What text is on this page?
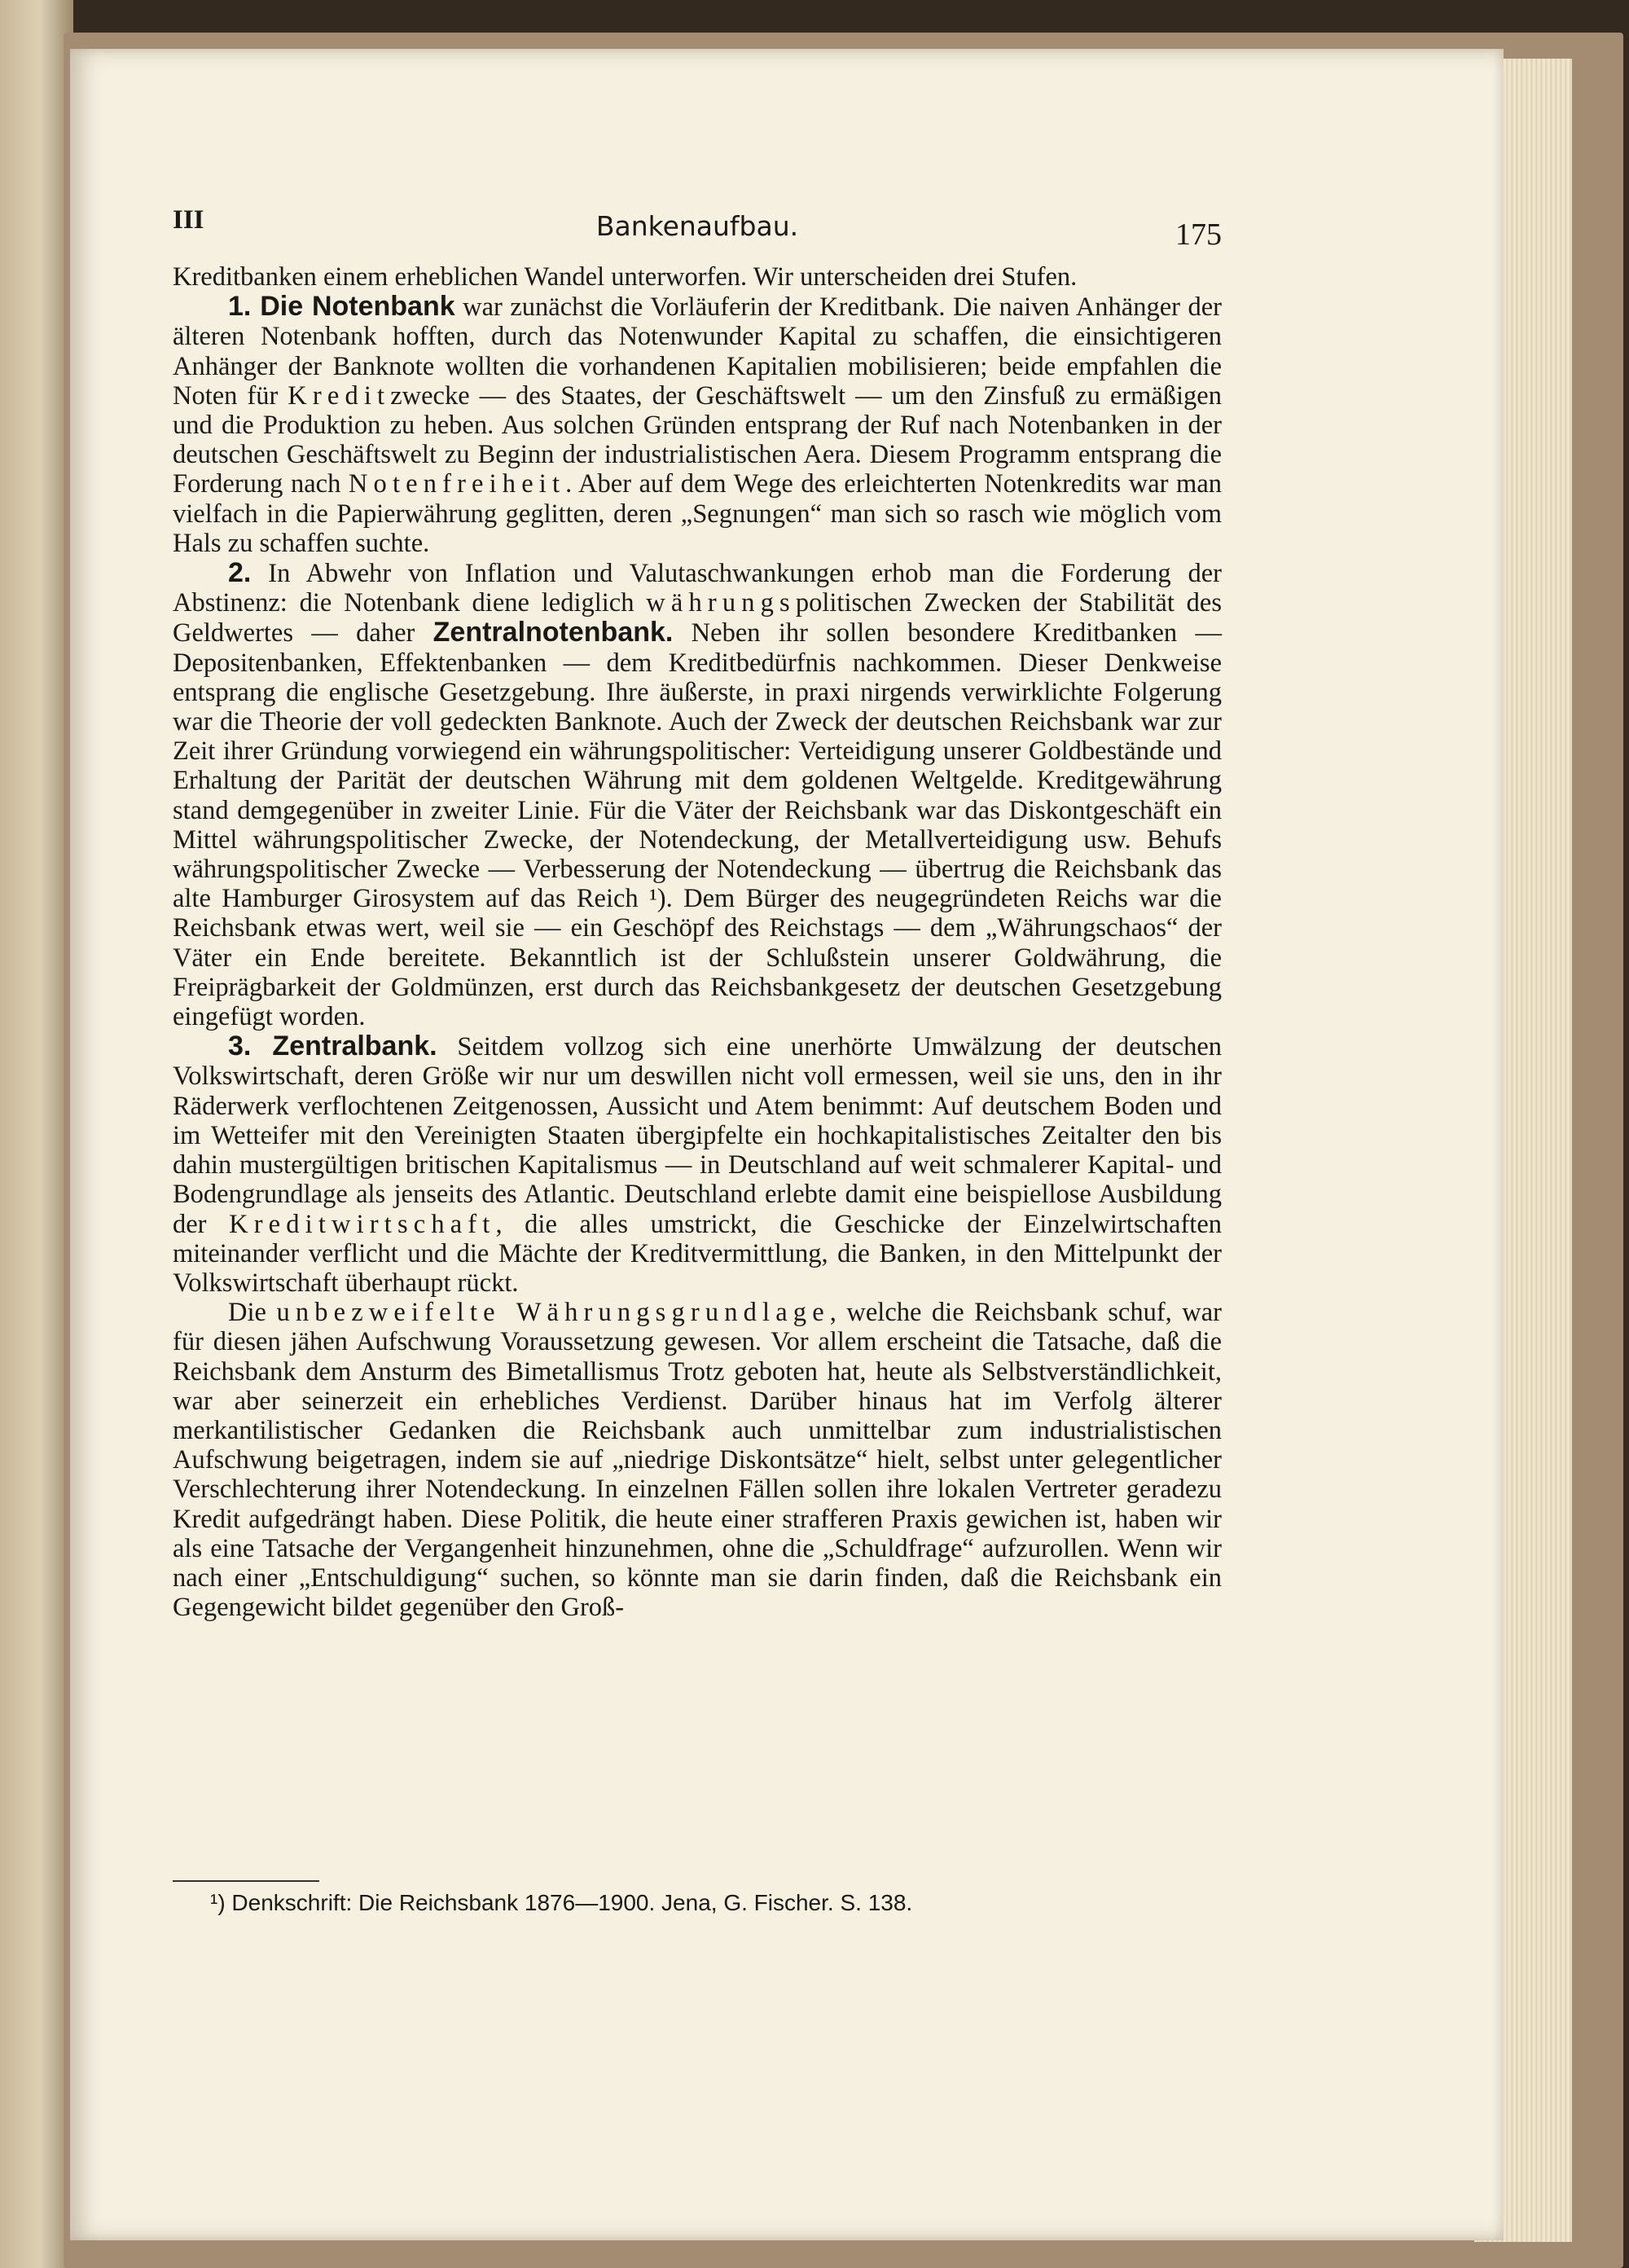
III	Bankenaufbau.	175

Kreditbanken einem erheblichen Wandel unterworfen. Wir unterscheiden drei Stufen.

1. Die Notenbank war zunächst die Vorläuferin der Kreditbank. Die naiven Anhänger der älteren Notenbank hofften, durch das Notenwunder Kapital zu schaffen, die einsichtigeren Anhänger der Banknote wollten die vorhandenen Kapitalien mobilisieren; beide empfahlen die Noten für Kreditzwecke — des Staates, der Geschäftswelt — um den Zinsfuß zu ermäßigen und die Produktion zu heben. Aus solchen Gründen entsprang der Ruf nach Notenbanken in der deutschen Geschäftswelt zu Beginn der industrialistischen Aera. Diesem Programm entsprang die Forderung nach Notenfreiheit. Aber auf dem Wege des erleichterten Notenkredits war man vielfach in die Papierwährung geglitten, deren „Segnungen“ man sich so rasch wie möglich vom Hals zu schaffen suchte.

2. In Abwehr von Inflation und Valutaschwankungen erhob man die Forderung der Abstinenz: die Notenbank diene lediglich währungspolitischen Zwecken der Stabilität des Geldwertes — daher Zentralnotenbank. Neben ihr sollen besondere Kreditbanken — Depositenbanken, Effektenbanken — dem Kreditbedürfnis nachkommen. Dieser Denkweise entsprang die englische Gesetzgebung. Ihre äußerste, in praxi nirgends verwirklichte Folgerung war die Theorie der voll gedeckten Banknote. Auch der Zweck der deutschen Reichsbank war zur Zeit ihrer Gründung vorwiegend ein währungspolitischer: Verteidigung unserer Goldbestände und Erhaltung der Parität der deutschen Währung mit dem goldenen Weltgelde. Kreditgewährung stand demgegenüber in zweiter Linie. Für die Väter der Reichsbank war das Diskontgeschäft ein Mittel währungspolitischer Zwecke, der Notendeckung, der Metallverteidigung usw. Behufs währungspolitischer Zwecke — Verbesserung der Notendeckung — übertrug die Reichsbank das alte Hamburger Girosystem auf das Reich ¹). Dem Bürger des neugegründeten Reichs war die Reichsbank etwas wert, weil sie — ein Geschöpf des Reichstags — dem „Währungschaos“ der Väter ein Ende bereitete. Bekanntlich ist der Schlußstein unserer Goldwährung, die Freiprägbarkeit der Goldmünzen, erst durch das Reichsbankgesetz der deutschen Gesetzgebung eingefügt worden.

3. Zentralbank. Seitdem vollzog sich eine unerhörte Umwälzung der deutschen Volkswirtschaft, deren Größe wir nur um deswillen nicht voll ermessen, weil sie uns, den in ihr Räderwerk verflochtenen Zeitgenossen, Aussicht und Atem benimmt: Auf deutschem Boden und im Wetteifer mit den Vereinigten Staaten übergipfelte ein hochkapitalistisches Zeitalter den bis dahin mustergültigen britischen Kapitalismus — in Deutschland auf weit schmalerer Kapital- und Bodengrundlage als jenseits des Atlantic. Deutschland erlebte damit eine beispiellose Ausbildung der Kreditwirtschaft, die alles umstrickt, die Geschicke der Einzelwirtschaften miteinander verflicht und die Mächte der Kreditvermittlung, die Banken, in den Mittelpunkt der Volkswirtschaft überhaupt rückt.

Die unbezweifelte Währungsgrundlage, welche die Reichsbank schuf, war für diesen jähen Aufschwung Voraussetzung gewesen. Vor allem erscheint die Tatsache, daß die Reichsbank dem Ansturm des Bimetallismus Trotz geboten hat, heute als Selbstverständlichkeit, war aber seinerzeit ein erhebliches Verdienst. Darüber hinaus hat im Verfolg älterer merkantilistischer Gedanken die Reichsbank auch unmittelbar zum industrialistischen Aufschwung beigetragen, indem sie auf „niedrige Diskontsätze“ hielt, selbst unter gelegentlicher Verschlechterung ihrer Notendeckung. In einzelnen Fällen sollen ihre lokalen Vertreter geradezu Kredit aufgedrängt haben. Diese Politik, die heute einer strafferen Praxis gewichen ist, haben wir als eine Tatsache der Vergangenheit hinzunehmen, ohne die „Schuldfrage“ aufzurollen. Wenn wir nach einer „Entschuldigung“ suchen, so könnte man sie darin finden, daß die Reichsbank ein Gegengewicht bildet gegenüber den Groß-

¹) Denkschrift: Die Reichsbank 1876—1900. Jena, G. Fischer. S. 138.
